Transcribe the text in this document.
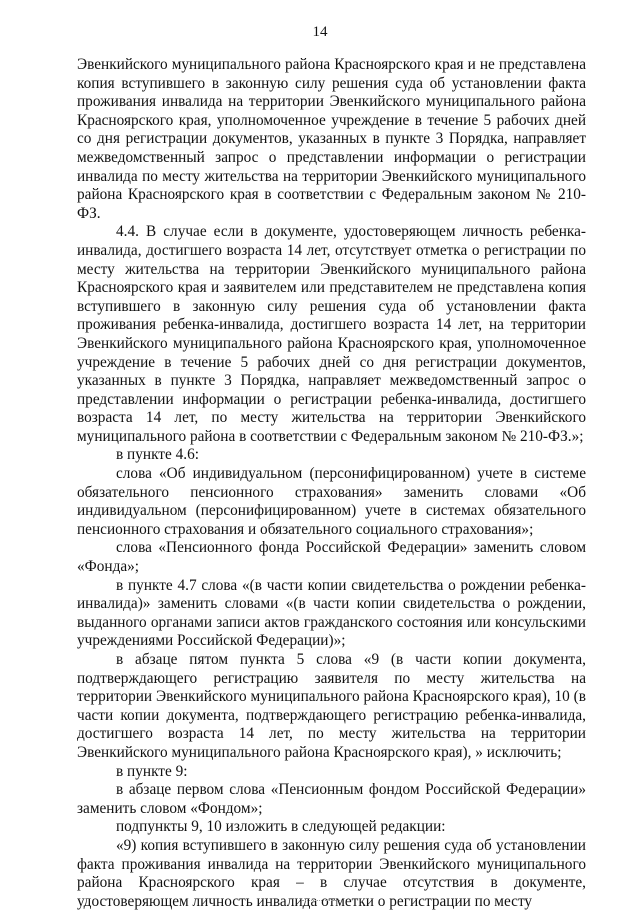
14

Эвенкийского муниципального района Красноярского края и не представлена копия вступившего в законную силу решения суда об установлении факта проживания инвалида на территории Эвенкийского муниципального района Красноярского края, уполномоченное учреждение в течение 5 рабочих дней со дня регистрации документов, указанных в пункте 3 Порядка, направляет межведомственный запрос о представлении информации о регистрации инвалида по месту жительства на территории Эвенкийского муниципального района Красноярского края в соответствии с Федеральным законом № 210-ФЗ.

4.4. В случае если в документе, удостоверяющем личность ребенка-инвалида, достигшего возраста 14 лет, отсутствует отметка о регистрации по месту жительства на территории Эвенкийского муниципального района Красноярского края и заявителем или представителем не представлена копия вступившего в законную силу решения суда об установлении факта проживания ребенка-инвалида, достигшего возраста 14 лет, на территории Эвенкийского муниципального района Красноярского края, уполномоченное учреждение в течение 5 рабочих дней со дня регистрации документов, указанных в пункте 3 Порядка, направляет межведомственный запрос о представлении информации о регистрации ребенка-инвалида, достигшего возраста 14 лет, по месту жительства на территории Эвенкийского муниципального района в соответствии с Федеральным законом № 210-ФЗ.»;

в пункте 4.6:

слова «Об индивидуальном (персонифицированном) учете в системе обязательного пенсионного страхования» заменить словами «Об индивидуальном (персонифицированном) учете в системах обязательного пенсионного страхования и обязательного социального страхования»;

слова «Пенсионного фонда Российской Федерации» заменить словом «Фонда»;

в пункте 4.7 слова «(в части копии свидетельства о рождении ребенка-инвалида)» заменить словами «(в части копии свидетельства о рождении, выданного органами записи актов гражданского состояния или консульскими учреждениями Российской Федерации)»;

в абзаце пятом пункта 5 слова «9 (в части копии документа, подтверждающего регистрацию заявителя по месту жительства на территории Эвенкийского муниципального района Красноярского края), 10 (в части копии документа, подтверждающего регистрацию ребенка-инвалида, достигшего возраста 14 лет, по месту жительства на территории Эвенкийского муниципального района Красноярского края), » исключить;

в пункте 9:

в абзаце первом слова «Пенсионным фондом Российской Федерации» заменить словом «Фондом»;

подпункты 9, 10 изложить в следующей редакции:

«9) копия вступившего в законную силу решения суда об установлении факта проживания инвалида на территории Эвенкийского муниципального района Красноярского края – в случае отсутствия в документе, удостоверяющем личность инвалида отметки о регистрации по месту
